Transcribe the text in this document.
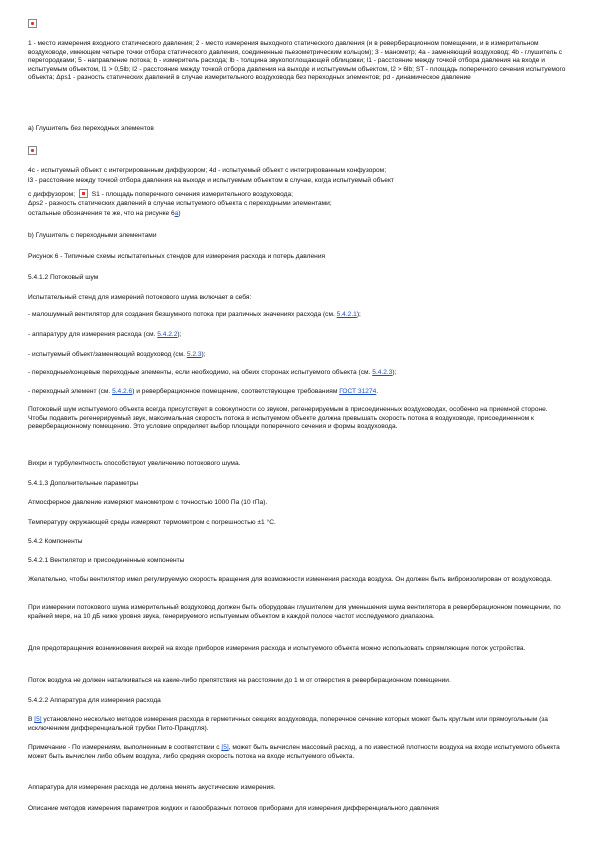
1 - место измерения входного статического давления; 2 - место измерения выходного статического давления (и в реверберационном помещении, и в измерительном воздуховоде, имеющем четыре точки отбора статического давления, соединенные пьезометрическим кольцом); 3 - манометр; 4a - заменяющий воздуховод; 4b - глушитель с перегородками; 5 - направление потока; b - измеритель расхода; lb - толщина звукопоглощающей облицовки; l1 - расстояние между точкой отбора давления на входе и испытуемым объектом, l1 > 0,5lb; l2 - расстояние между точкой отбора давления на выходе и испытуемым объектом, l2 > 6lb; ST - площадь поперечного сечения испытуемого объекта; Δps1 - разность статических давлений в случае измерительного воздуховода без переходных элементов; pd - динамическое давление

а) Глушитель без переходных элементов

4c - испытуемый объект с интегрированным диффузором; 4d - испытуемый объект с интегрированным конфузором;

l3 - расстояние между точкой отбора давления на выходе и испытуемым объектом в случае, когда испытуемый объект

с диффузором;	S1 - площадь поперечного сечения измерительного воздуховода;

Δps2 - разность статических давлений в случае испытуемого объекта с переходными элементами;

остальные обозначения те же, что на рисунке 6а)

b) Глушитель с переходными элементами

Рисунок 6 - Типичные схемы испытательных стендов для измерения расхода и потерь давления

5.4.1.2 Потоковый шум

Испытательный стенд для измерений потокового шума включает в себя:

- малошумный вентилятор для создания безшумного потока при различных значениях расхода (см. 5.4.2.1);

- аппаратуру для измерения расхода (см. 5.4.2.2);

- испытуемый объект/заменяющий воздуховод (см. 5.2.3);

- переходные/концевые переходные элементы, если необходимо, на обеих сторонах испытуемого объекта (см. 5.4.2.3);

- переходный элемент (см. 5.4.2.6) и реверберационное помещение, соответствующее требованиям ГОСТ 31274.

Потоковый шум испытуемого объекта всегда присутствует в совокупности со звуком, регенерируемым в присоединенных воздуховодах, особенно на приемной стороне. Чтобы подавить регенерируемый звук, максимальная скорость потока в испытуемом объекте должна превышать скорость потока в воздуховоде, присоединенном к реверберационному помещению. Это условие определяет выбор площади поперечного сечения и формы воздуховода.

Вихри и турбулентность способствуют увеличению потокового шума.

5.4.1.3 Дополнительные параметры

Атмосферное давление измеряют манометром с точностью 1000 Па (10 гПа).

Температуру окружающей среды измеряют термометром с погрешностью ±1 °С.

5.4.2 Компоненты

5.4.2.1 Вентилятор и присоединенные компоненты

Желательно, чтобы вентилятор имел регулируемую скорость вращения для возможности изменения расхода воздуха. Он должен быть виброизолирован от воздуховода.

При измерении потокового шума измерительный воздуховод должен быть оборудован глушителем для уменьшения шума вентилятора в реверберационном помещении, по крайней мере, на 10 дБ ниже уровня звука, генерируемого испытуемым объектом в каждой полосе частот исследуемого диапазона.

Для предотвращения возникновения вихрей на входе приборов измерения расхода и испытуемого объекта можно использовать спрямляющие поток устройства.

Поток воздуха не должен наталкиваться на какие-либо препятствия на расстоянии до 1 м от отверстия в реверберационном помещении.

5.4.2.2 Аппаратура для измерения расхода

В [5] установлено несколько методов измерения расхода в герметичных секциях воздуховода, поперечное сечение которых может быть круглым или прямоугольным (за исключением дифференциальной трубки Пито-Прандтля).

Примечание - По измерениям, выполненным в соответствии с [5], может быть вычислен массовый расход, а по известной плотности воздуха на входе испытуемого объекта может быть вычислен либо объем воздуха, либо средняя скорость потока на входе испытуемого объекта.

Аппаратура для измерения расхода не должна менять акустические измерения.

Описание методов измерения параметров жидких и газообразных потоков приборами для измерения дифференциального давления
